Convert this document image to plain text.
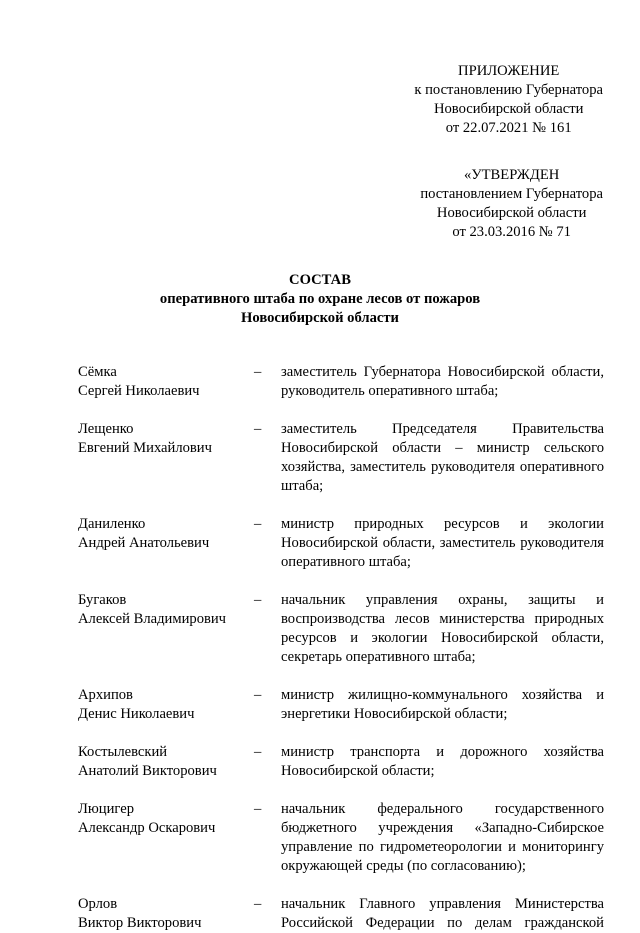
ПРИЛОЖЕНИЕ
к постановлению Губернатора
Новосибирской области
от 22.07.2021 № 161
«УТВЕРЖДЕН
постановлением Губернатора
Новосибирской области
от 23.03.2016 № 71
СОСТАВ
оперативного штаба по охране лесов от пожаров
Новосибирской области
Сёмка
Сергей Николаевич
–	заместитель Губернатора Новосибирской области, руководитель оперативного штаба;
Лещенко
Евгений Михайлович
–	заместитель Председателя Правительства Новосибирской области – министр сельского хозяйства, заместитель руководителя оперативного штаба;
Даниленко
Андрей Анатольевич
–	министр природных ресурсов и экологии Новосибирской области, заместитель руководителя оперативного штаба;
Бугаков
Алексей Владимирович
–	начальник управления охраны, защиты и воспроизводства лесов министерства природных ресурсов и экологии Новосибирской области, секретарь оперативного штаба;
Архипов
Денис Николаевич
–	министр жилищно-коммунального хозяйства и энергетики Новосибирской области;
Костылевский
Анатолий Викторович
–	министр транспорта и дорожного хозяйства Новосибирской области;
Люцигер
Александр Оскарович
–	начальник федерального государственного бюджетного учреждения «Западно-Сибирское управление по гидрометеорологии и мониторингу окружающей среды (по согласованию);
Орлов
Виктор Викторович
–	начальник Главного управления Министерства Российской Федерации по делам гражданской
